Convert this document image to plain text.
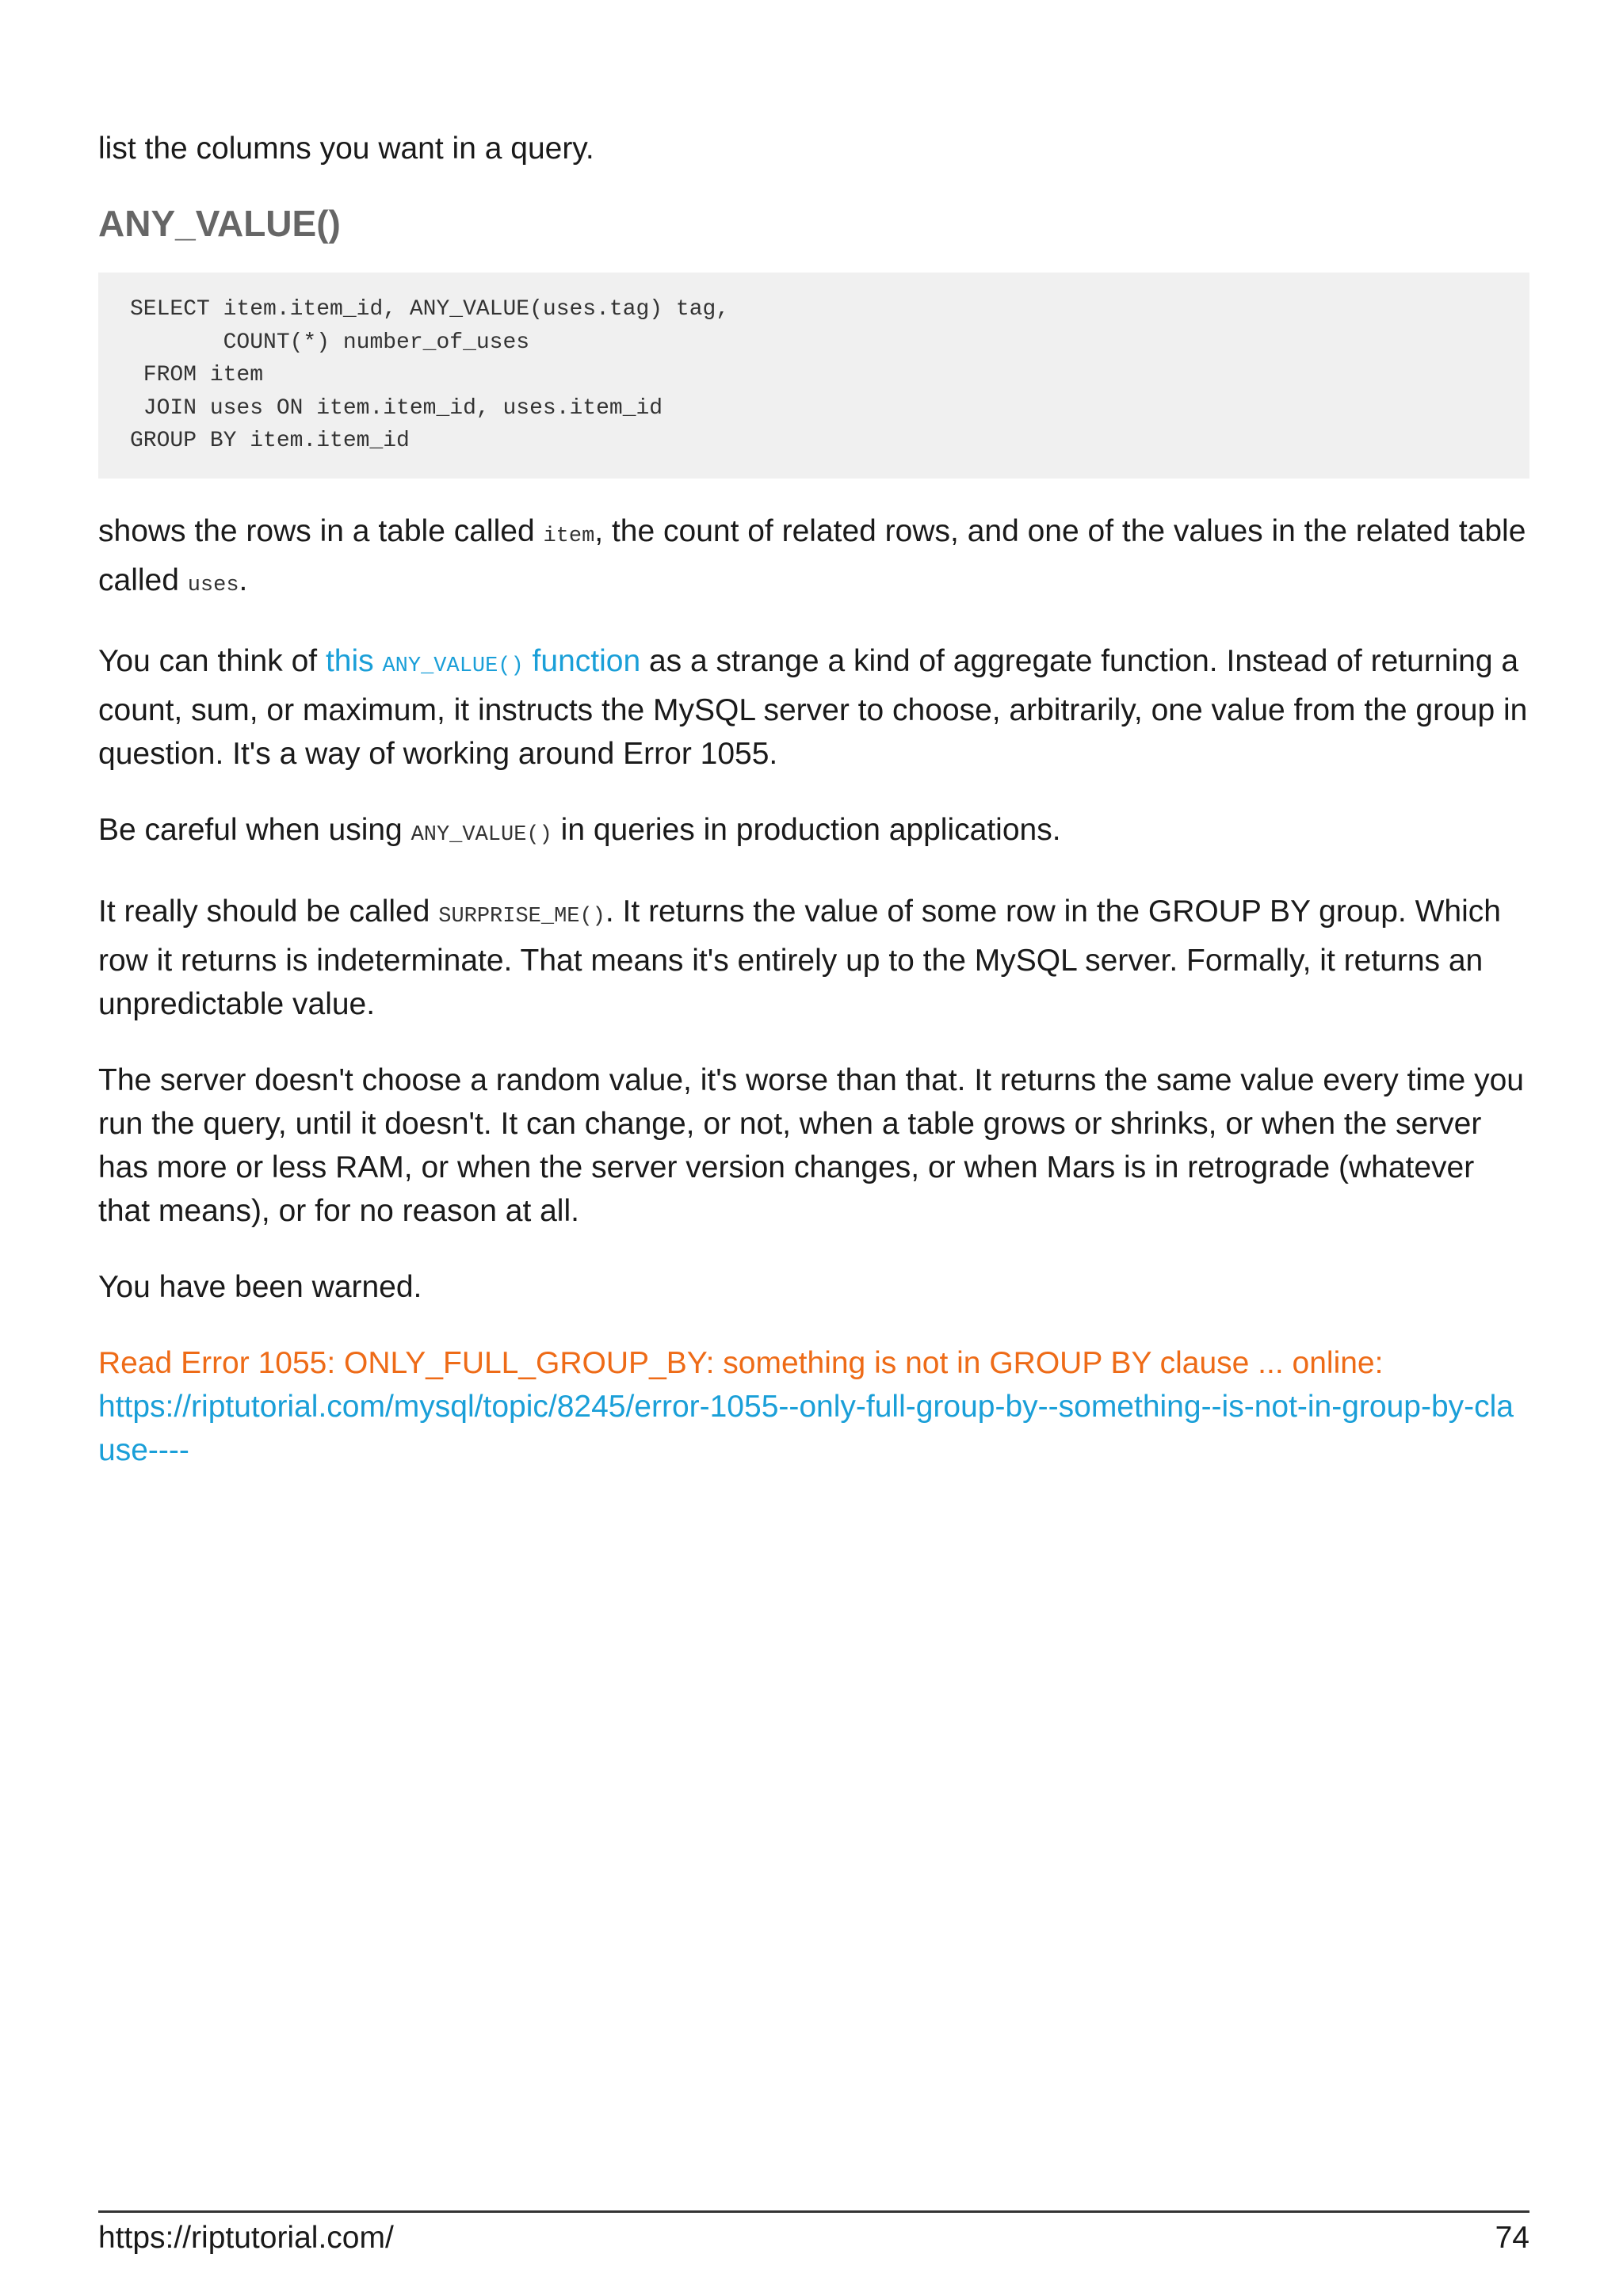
list the columns you want in a query.

ANY_VALUE()
SELECT item.item_id, ANY_VALUE(uses.tag) tag,
COUNT(*) number_of_uses
FROM item
JOIN uses ON item.item_id, uses.item_id
GROUP BY item.item_id

shows the rows in a table called item, the count of related rows, and one of the values in the related table called uses.

You can think of this ANY_VALUE() function as a strange a kind of aggregate function. Instead of returning a count, sum, or maximum, it instructs the MySQL server to choose, arbitrarily, one value from the group in question. It's a way of working around Error 1055.

Be careful when using ANY_VALUE() in queries in production applications.

It really should be called SURPRISE_ME(). It returns the value of some row in the GROUP BY group. Which row it returns is indeterminate. That means it's entirely up to the MySQL server. Formally, it returns an unpredictable value.

The server doesn't choose a random value, it's worse than that. It returns the same value every time you run the query, until it doesn't. It can change, or not, when a table grows or shrinks, or when the server has more or less RAM, or when the server version changes, or when Mars is in retrograde (whatever that means), or for no reason at all.

You have been warned.

Read Error 1055: ONLY_FULL_GROUP_BY: something is not in GROUP BY clause ... online:
https://riptutorial.com/mysql/topic/8245/error-1055--only-full-group-by--something--is-not-in-group-by-clause----

https://riptutorial.com/	74
